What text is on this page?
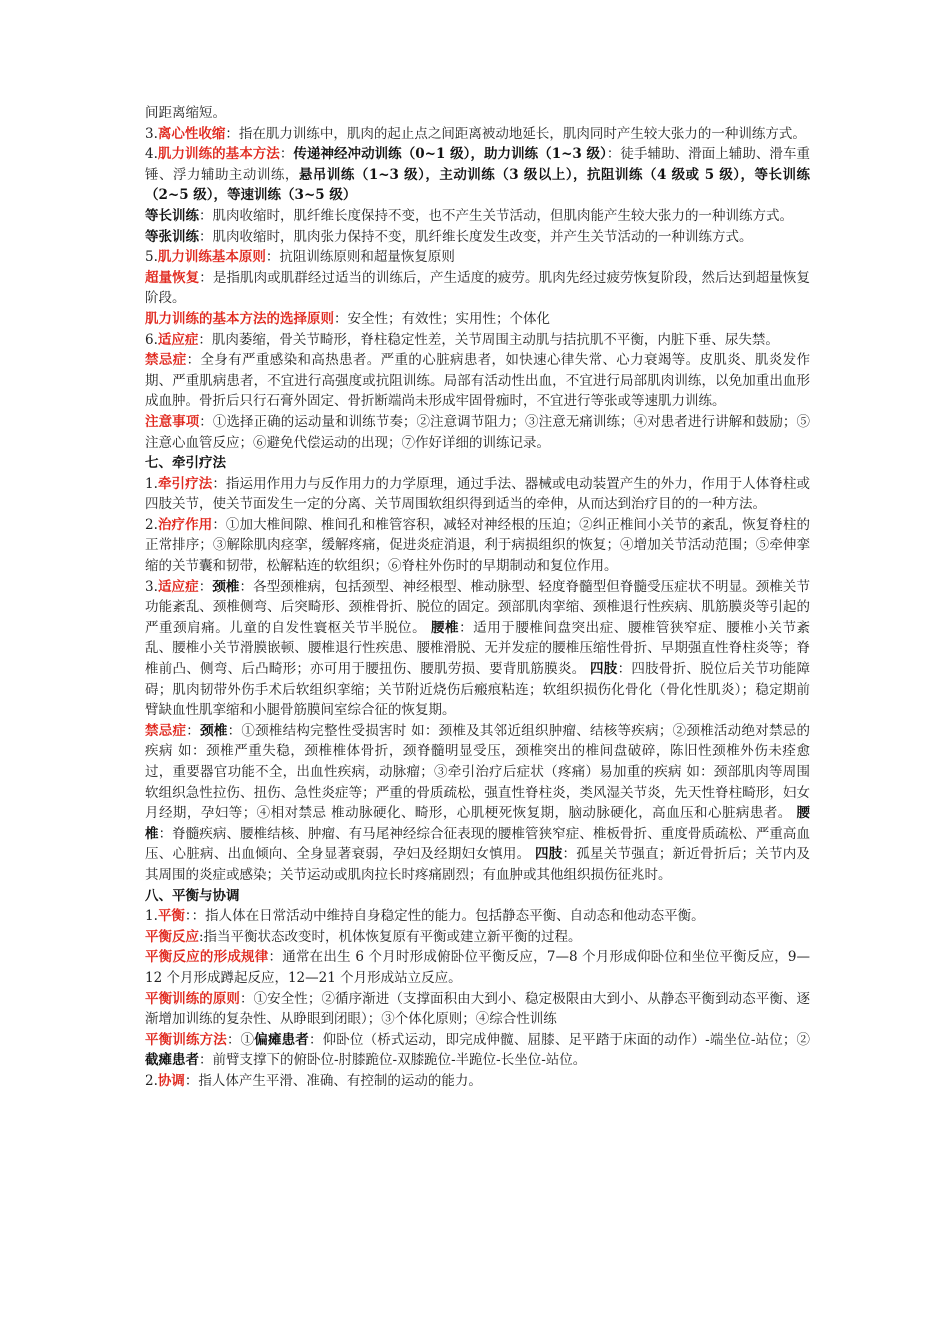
间距离缩短。

3.离心性收缩：指在肌力训练中，肌肉的起止点之间距离被动地延长，肌肉同时产生较大张力的一种训练方式。

4.肌力训练的基本方法：传递神经冲动训练（0~1 级），助力训练（1~3 级）：徒手辅助、滑面上辅助、滑车重锤、浮力辅助主动训练，悬吊训练（1~3 级），主动训练（3 级以上），抗阻训练（4 级或 5 级），等长训练（2~5 级），等速训练（3~5 级）

等长训练：肌肉收缩时，肌纤维长度保持不变，也不产生关节活动，但肌肉能产生较大张力的一种训练方式。

等张训练：肌肉收缩时，肌肉张力保持不变，肌纤维长度发生改变，并产生关节活动的一种训练方式。

5.肌力训练基本原则：抗阻训练原则和超量恢复原则

超量恢复：是指肌肉或肌群经过适当的训练后，产生适度的疲劳。肌肉先经过疲劳恢复阶段，然后达到超量恢复阶段。

肌力训练的基本方法的选择原则：安全性；有效性；实用性；个体化

6.适应症：肌肉萎缩，骨关节畸形，脊柱稳定性差，关节周围主动肌与拮抗肌不平衡，内脏下垂、尿失禁。

禁忌症：全身有严重感染和高热患者。严重的心脏病患者，如快速心律失常、心力衰竭等。皮肌炎、肌炎发作期、严重肌病患者，不宜进行高强度或抗阻训练。局部有活动性出血，不宜进行局部肌肉训练，以免加重出血形成血肿。骨折后只行石膏外固定、骨折断端尚未形成牢固骨痂时，不宜进行等张或等速肌力训练。

注意事项：①选择正确的运动量和训练节奏；②注意调节阻力；③注意无痛训练；④对患者进行讲解和鼓励；⑤注意心血管反应；⑥避免代偿运动的出现；⑦作好详细的训练记录。

七、牵引疗法

1.牵引疗法：指运用作用力与反作用力的力学原理，通过手法、器械或电动装置产生的外力，作用于人体脊柱或四肢关节，使关节面发生一定的分离、关节周围软组织得到适当的牵伸，从而达到治疗目的的一种方法。

2.治疗作用：①加大椎间隙、椎间孔和椎管容积，减轻对神经根的压迫；②纠正椎间小关节的紊乱，恢复脊柱的正常排序；③解除肌肉痉挛，缓解疼痛，促进炎症消退，利于病损组织的恢复；④增加关节活动范围；⑤牵伸挛缩的关节囊和韧带，松解粘连的软组织；⑥脊柱外伤时的早期制动和复位作用。

3.适应症：颈椎：各型颈椎病，包括颈型、神经根型、椎动脉型、轻度脊髓型但脊髓受压症状不明显。颈椎关节功能紊乱、颈椎侧弯、后突畸形、颈椎骨折、脱位的固定。颈部肌肉挛缩、颈椎退行性疾病、肌筋膜炎等引起的严重颈肩痛。儿童的自发性寰枢关节半脱位。 腰椎：适用于腰椎间盘突出症、腰椎管狭窄症、腰椎小关节紊乱、腰椎小关节滑膜嵌顿、腰椎退行性疾患、腰椎滑脱、无并发症的腰椎压缩性骨折、早期强直性脊柱炎等；脊椎前凸、侧弯、后凸畸形；亦可用于腰扭伤、腰肌劳损、要背肌筋膜炎。 四肢：四肢骨折、脱位后关节功能障碍；肌肉韧带外伤手术后软组织挛缩；关节附近烧伤后瘢痕粘连；软组织损伤化骨化（骨化性肌炎）；稳定期前臂缺血性肌挛缩和小腿骨筋膜间室综合征的恢复期。

禁忌症：颈椎：①颈椎结构完整性受损害时 如：颈椎及其邻近组织肿瘤、结核等疾病；②颈椎活动绝对禁忌的疾病 如：颈椎严重失稳，颈椎椎体骨折，颈脊髓明显受压，颈椎突出的椎间盘破碎，陈旧性颈椎外伤未痊愈过，重要器官功能不全，出血性疾病，动脉瘤；③牵引治疗后症状（疼痛）易加重的疾病 如：颈部肌肉等周围软组织急性拉伤、扭伤、急性炎症等；严重的骨质疏松，强直性脊柱炎，类风湿关节炎，先天性脊柱畸形，妇女月经期，孕妇等；④相对禁忌 椎动脉硬化、畸形，心肌梗死恢复期，脑动脉硬化，高血压和心脏病患者。 腰椎：脊髓疾病、腰椎结核、肿瘤、有马尾神经综合征表现的腰椎管狭窄症、椎板骨折、重度骨质疏松、严重高血压、心脏病、出血倾向、全身显著衰弱，孕妇及经期妇女慎用。 四肢：孤星关节强直；新近骨折后；关节内及其周围的炎症或感染；关节运动或肌肉拉长时疼痛剧烈；有血肿或其他组织损伤征兆时。

八、平衡与协调

1.平衡：：指人体在日常活动中维持自身稳定性的能力。包括静态平衡、自动态和他动态平衡。

平衡反应:指当平衡状态改变时，机体恢复原有平衡或建立新平衡的过程。

平衡反应的形成规律：通常在出生 6 个月时形成俯卧位平衡反应，7—8 个月形成仰卧位和坐位平衡反应，9—12 个月形成蹲起反应，12—21 个月形成站立反应。

平衡训练的原则：①安全性；②循序渐进（支撑面积由大到小、稳定极限由大到小、从静态平衡到动态平衡、逐渐增加训练的复杂性、从睁眼到闭眼）；③个体化原则；④综合性训练

平衡训练方法：①偏瘫患者：仰卧位（桥式运动，即完成伸髋、屈膝、足平踏于床面的动作）-端坐位-站位；②截瘫患者：前臂支撑下的俯卧位-肘膝跪位-双膝跪位-半跪位-长坐位-站位。

2.协调：指人体产生平滑、准确、有控制的运动的能力。
